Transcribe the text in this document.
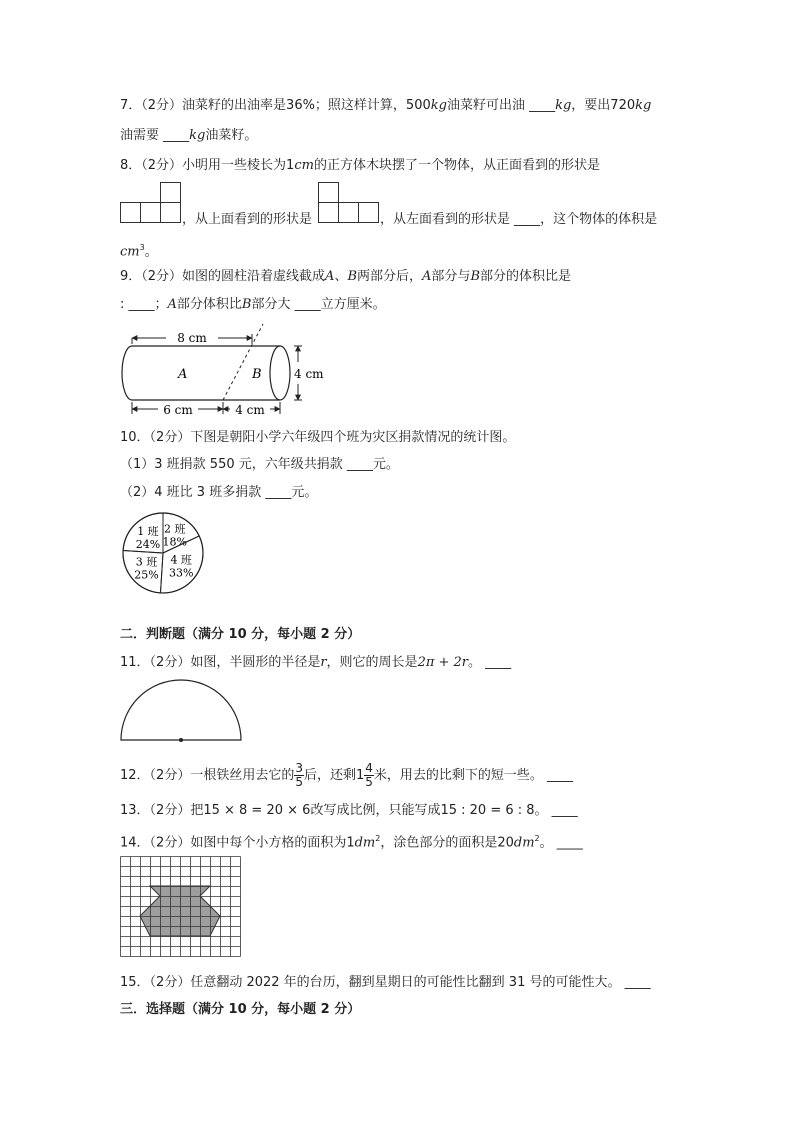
7．（2分）油菜籽的出油率是36%；照这样计算，500kg油菜籽可出油 ____kg，要出720kg
油需要 ____kg油菜籽。
8．（2分）小明用一些棱长为1cm的正方体木块摆了一个物体，从正面看到的形状是
，从上面看到的形状是	，从左面看到的形状是 ____，这个物体的体积是
$cm^3$。
9．（2分）如图的圆柱沿着虚线截成A、B两部分后，A部分与B部分的体积比是
: ____；A部分体积比B部分大 ____立方厘米。
8 cm
4 cm
6 cm	4 cm
A	B
10．（2分）下图是朝阳小学六年级四个班为灾区捐款情况的统计图。
（1）3 班捐款 550 元，六年级共捐款 ____元。
（2）4 班比 3 班多捐款 ____元。
2 班
18%
4 班
33%
3 班
25%
1 班
24%
二．判断题（满分 10 分，每小题 2 分）
11．（2分）如图，半圆形的半径是r，则它的周长是2π + 2r。 ____
12．（2分）一根铁丝用去它的 $\frac{3}{5}$ 后，还剩$1 \frac{4}{5}$ 米，用去的比剩下的短一些。 ____
13．（2分）把15 × 8 = 20 × 6改写成比例，只能写成15 : 20 = 6 : 8。 ____
14．（2分）如图中每个小方格的面积为$1dm^2$，涂色部分的面积是$20dm^2$。 ____
15．（2分）任意翻动 2022 年的台历，翻到星期日的可能性比翻到 31 号的可能性大。 ____
三．选择题（满分 10 分，每小题 2 分）
